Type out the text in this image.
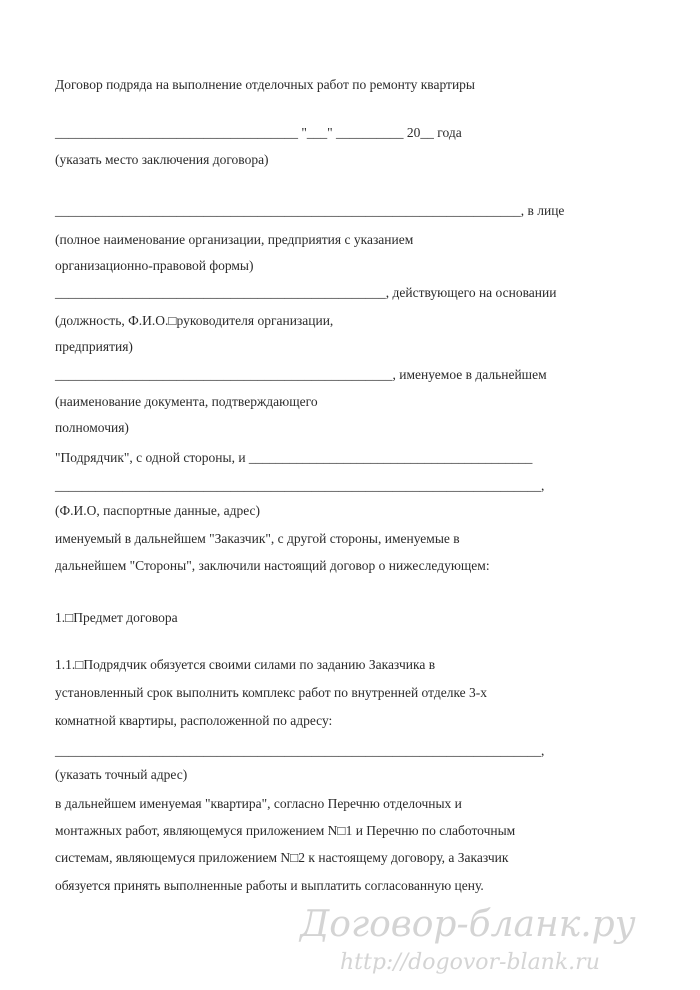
Договор подряда на выполнение отделочных работ по ремонту квартиры
____________________________________ "___" __________ 20__ года
(указать место заключения договора)
_____________________________________________________________________, в лице
(полное наименование организации, предприятия с указанием
организационно-правовой формы)
_________________________________________________, действующего на основании
(должность, Ф.И.О.□руководителя организации,
предприятия)
__________________________________________________, именуемое в дальнейшем
(наименование документа, подтверждающего
полномочия)
"Подрядчик", с одной стороны, и __________________________________________
________________________________________________________________________,
(Ф.И.О, паспортные данные, адрес)
именуемый в дальнейшем "Заказчик", с другой стороны, именуемые в
дальнейшем "Стороны", заключили настоящий договор о нижеследующем:
1.□Предмет договора
1.1.□Подрядчик обязуется своими силами по заданию Заказчика в
установленный срок выполнить комплекс работ по внутренней отделке 3-х
комнатной квартиры, расположенной по адресу:
________________________________________________________________________,
(указать точный адрес)
в дальнейшем именуемая "квартира", согласно Перечню отделочных и
монтажных работ, являющемуся приложением N□1 и Перечню по слаботочным
системам, являющемуся приложением N□2 к настоящему договору, а Заказчик
обязуется принять выполненные работы и выплатить согласованную цену.
Договор-бланк.ру
http://dogovor-blank.ru
